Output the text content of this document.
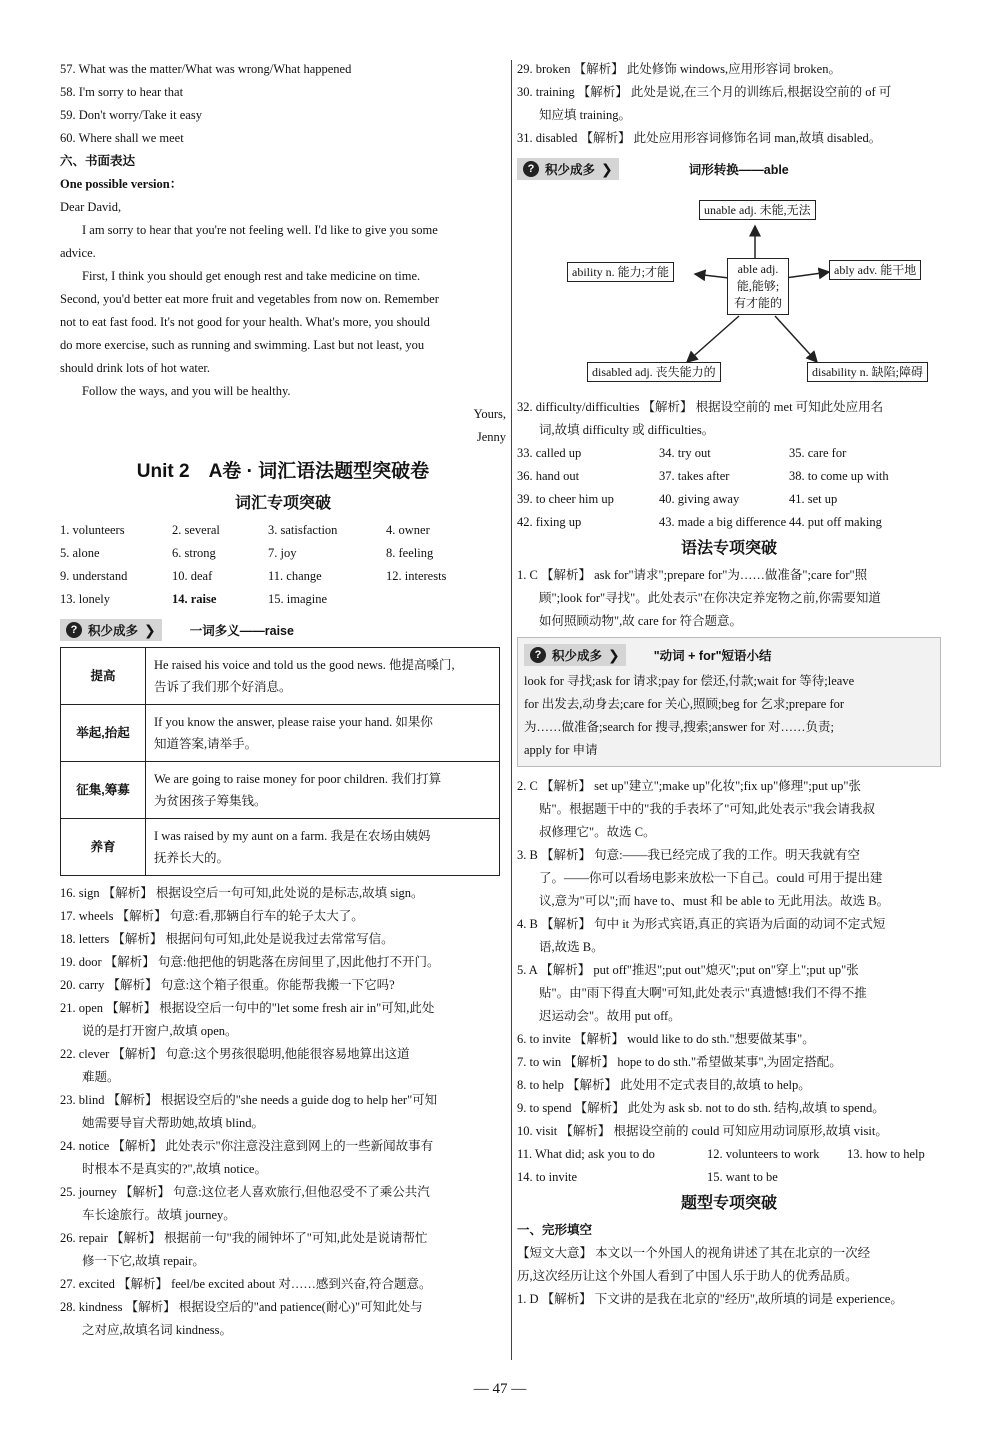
57. What was the matter/What was wrong/What happened
58. I'm sorry to hear that
59. Don't worry/Take it easy
60. Where shall we meet
六、书面表达
One possible version：
Dear David,
I am sorry to hear that you're not feeling well. I'd like to give you some
advice.
First, I think you should get enough rest and take medicine on time.
Second, you'd better eat more fruit and vegetables from now on. Remember
not to eat fast food. It's not good for your health. What's more, you should
do more exercise, such as running and swimming. Last but not least, you
should drink lots of hot water.
Follow the ways, and you will be healthy.
Yours,
Jenny
Unit 2　A卷 · 词汇语法题型突破卷
词汇专项突破
1. volunteers	2. several	3. satisfaction	4. owner
5. alone	6. strong	7. joy	8. feeling
9. understand	10. deaf	11. change	12. interests
13. lonely	14. raise	15. imagine
? 积少成多 ❯	一词多义——raise
提高	He raised his voice and told us the good news. 他提高嗓门,
告诉了我们那个好消息。

举起,抬起	If you know the answer, please raise your hand. 如果你
知道答案,请举手。

征集,筹募	We are going to raise money for poor children. 我们打算
为贫困孩子筹集钱。

养育	I was raised by my aunt on a farm. 我是在农场由姨妈
抚养长大的。
16. sign 【解析】 根据设空后一句可知,此处说的是标志,故填 sign。
17. wheels 【解析】 句意:看,那辆自行车的轮子太大了。
18. letters 【解析】 根据问句可知,此处是说我过去常常写信。
19. door 【解析】 句意:他把他的钥匙落在房间里了,因此他打不开门。
20. carry 【解析】 句意:这个箱子很重。你能帮我搬一下它吗?
21. open 【解析】 根据设空后一句中的"let some fresh air in"可知,此处
说的是打开窗户,故填 open。
22. clever 【解析】 句意:这个男孩很聪明,他能很容易地算出这道
难题。
23. blind 【解析】 根据设空后的"she needs a guide dog to help her"可知
她需要导盲犬帮助她,故填 blind。
24. notice 【解析】 此处表示"你注意没注意到网上的一些新闻故事有
时根本不是真实的?",故填 notice。
25. journey 【解析】 句意:这位老人喜欢旅行,但他忍受不了乘公共汽
车长途旅行。故填 journey。
26. repair 【解析】 根据前一句"我的闹钟坏了"可知,此处是说请帮忙
修一下它,故填 repair。
27. excited 【解析】 feel/be excited about 对……感到兴奋,符合题意。
28. kindness 【解析】 根据设空后的"and patience(耐心)"可知此处与
之对应,故填名词 kindness。
29. broken 【解析】 此处修饰 windows,应用形容词 broken。
30. training 【解析】 此处是说,在三个月的训练后,根据设空前的 of 可
知应填 training。
31. disabled 【解析】 此处应用形容词修饰名词 man,故填 disabled。
? 积少成多 ❯	词形转换——able
unable adj. 未能,无法
ability n. 能力;才能	ably adv. 能干地
able adj.
能,能够;
有才能的
disabled adj. 丧失能力的	disability n. 缺陷;障碍
32. difficulty/difficulties 【解析】 根据设空前的 met 可知此处应用名
词,故填 difficulty 或 difficulties。
33. called up	34. try out	35. care for
36. hand out	37. takes after	38. to come up with
39. to cheer him up	40. giving away	41. set up
42. fixing up	43. made a big difference 44. put off making
语法专项突破
1. C 【解析】 ask for"请求";prepare for"为……做准备";care for"照
顾";look for"寻找"。此处表示"在你决定养宠物之前,你需要知道
如何照顾动物",故 care for 符合题意。
? 积少成多 ❯	"动词 + for"短语小结
look for 寻找;ask for 请求;pay for 偿还,付款;wait for 等待;leave
for 出发去,动身去;care for 关心,照顾;beg for 乞求;prepare for
为……做准备;search for 搜寻,搜索;answer for 对……负责;
apply for 申请
2. C 【解析】 set up"建立";make up"化妆";fix up"修理";put up"张
贴"。根据题干中的"我的手表坏了"可知,此处表示"我会请我叔
叔修理它"。故选 C。
3. B 【解析】 句意:——我已经完成了我的工作。明天我就有空
了。——你可以看场电影来放松一下自己。could 可用于提出建
议,意为"可以";而 have to、must 和 be able to 无此用法。故选 B。
4. B 【解析】 句中 it 为形式宾语,真正的宾语为后面的动词不定式短
语,故选 B。
5. A 【解析】 put off"推迟";put out"熄灭";put on"穿上";put up"张
贴"。由"雨下得直大啊"可知,此处表示"真遗憾!我们不得不推
迟运动会"。故用 put off。
6. to invite 【解析】 would like to do sth."想要做某事"。
7. to win 【解析】 hope to do sth."希望做某事",为固定搭配。
8. to help 【解析】 此处用不定式表目的,故填 to help。
9. to spend 【解析】 此处为 ask sb. not to do sth. 结构,故填 to spend。
10. visit 【解析】 根据设空前的 could 可知应用动词原形,故填 visit。
11. What did; ask you to do	12. volunteers to work	13. how to help
14. to invite	15. want to be
题型专项突破
一、完形填空
【短文大意】 本文以一个外国人的视角讲述了其在北京的一次经
历,这次经历让这个外国人看到了中国人乐于助人的优秀品质。
1. D 【解析】 下文讲的是我在北京的"经历",故所填的词是 experience。
— 47 —
